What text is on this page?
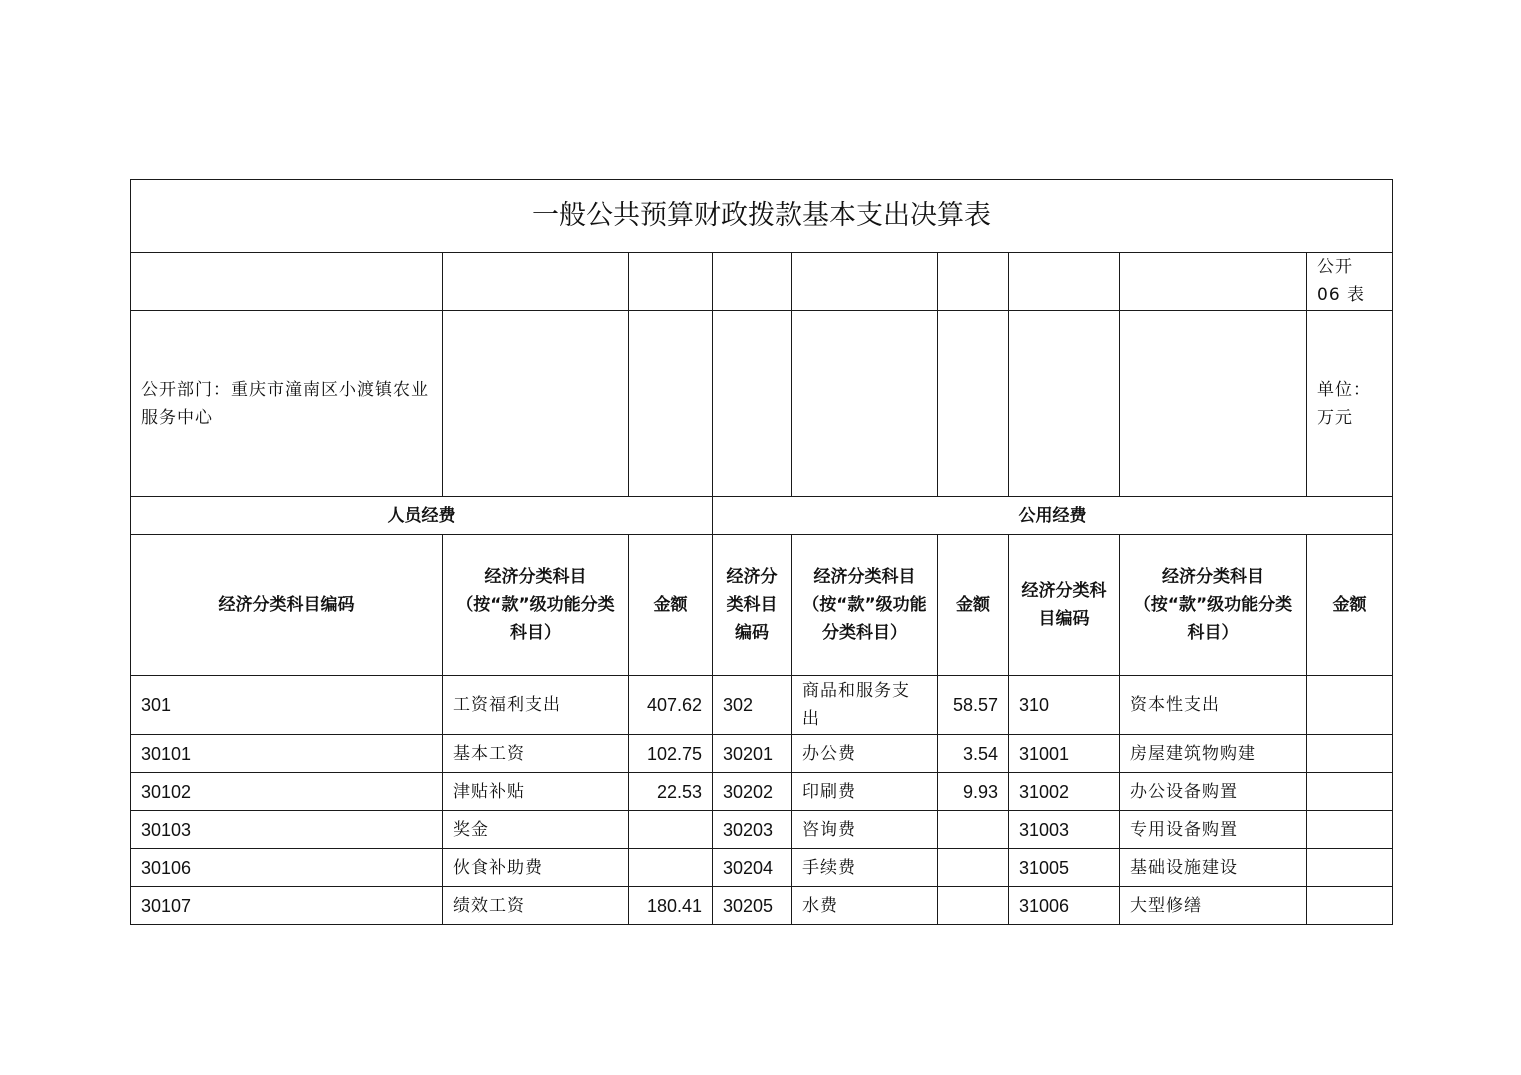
一般公共预算财政拨款基本支出决算表								
								公开 06 表
公开部门：重庆市潼南区小渡镇农业服务中心								单位：万元
人员经费			公用经费					
经济分类科目编码	经济分类科目（按“款”级功能分类科目）	金额	经济分类科目编码	经济分类科目（按“款”级功能分类科目）	金额	经济分类科目编码	经济分类科目（按“款”级功能分类科目）	金额
301	工资福利支出	407.62	302	商品和服务支出	58.57	310	资本性支出	
30101	基本工资	102.75	30201	办公费	3.54	31001	房屋建筑物购建	
30102	津贴补贴	22.53	30202	印刷费	9.93	31002	办公设备购置	
30103	奖金		30203	咨询费		31003	专用设备购置	
30106	伙食补助费		30204	手续费		31005	基础设施建设	
30107	绩效工资	180.41	30205	水费		31006	大型修缮	
